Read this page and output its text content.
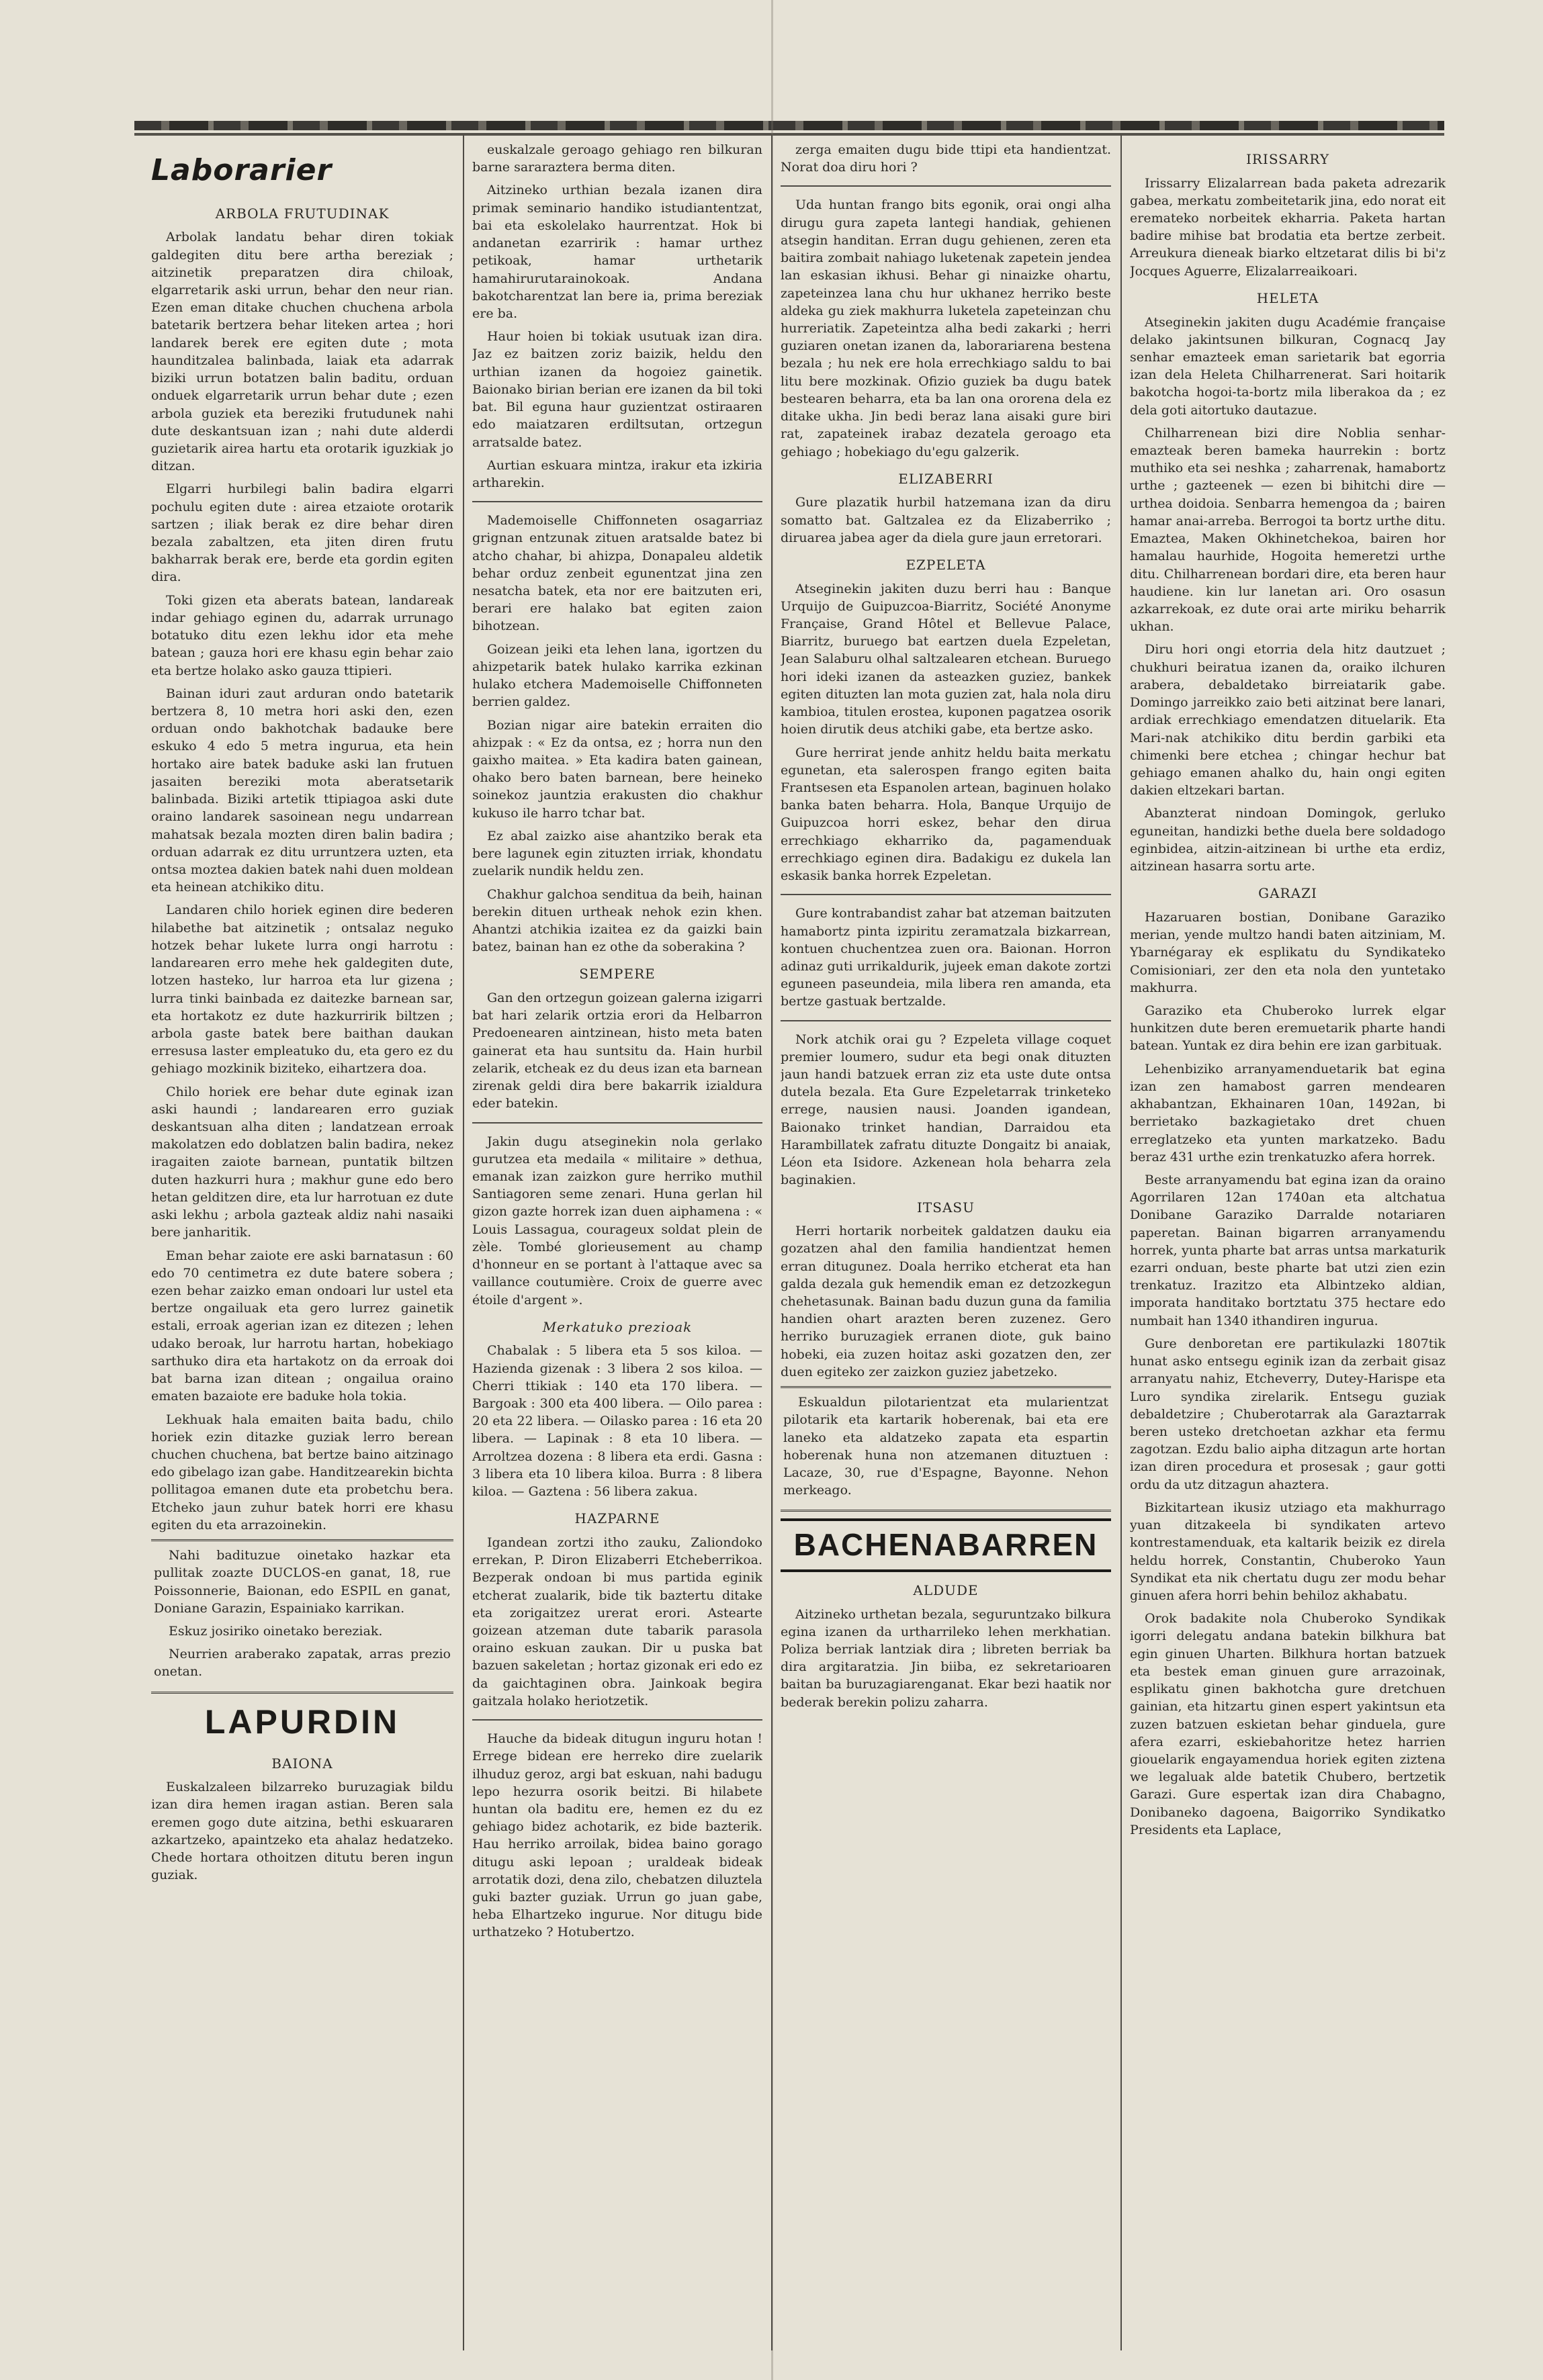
Laborarier
ARBOLA FRUTUDINAK

Arbolak landatu behar diren tokiak galdegiten ditu bere artha bereziak ; aitzinetik preparatzen dira chiloak, elgarretarik aski urrun, behar den neur rian. Ezen eman ditake chuchen chuchena arbola batetarik bertzera behar liteken artea ; hori landarek berek ere egiten dute ; mota haunditzalea balinbada, laiak eta adarrak biziki urrun botatzen balin baditu, orduan onduek elgarretarik urrun behar dute ; ezen arbola guziek eta bereziki frutudunek nahi dute deskantsuan izan ; nahi dute alderdi guzietarik airea hartu eta orotarik iguzkiak jo ditzan.

Elgarri hurbilegi balin badira elgarri pochulu egiten dute : airea etzaiote orotarik sartzen ; iliak berak ez dire behar diren bezala zabaltzen, eta jiten diren frutu bakharrak berak ere, berde eta gordin egiten dira.

Toki gizen eta aberats batean, landareak indar gehiago eginen du, adarrak urrunago botatuko ditu ezen lekhu idor eta mehe batean ; gauza hori ere khasu egin behar zaio eta bertze holako asko gauza ttipieri.

Bainan iduri zaut arduran ondo batetarik bertzera 8, 10 metra hori aski den, ezen orduan ondo bakhotchak badauke bere eskuko 4 edo 5 metra ingurua, eta hein hortako aire batek baduke aski lan frutuen jasaiten bereziki mota aberatsetarik balinbada. Biziki artetik ttipiagoa aski dute oraino landarek sasoinean negu undarrean mahatsak bezala mozten diren balin badira ; orduan adarrak ez ditu urruntzera uzten, eta ontsa moztea dakien batek nahi duen moldean eta heinean atchikiko ditu.

Landaren chilo horiek eginen dire bederen hilabethe bat aitzinetik ; ontsalaz neguko hotzek behar lukete lurra ongi harrotu : landarearen erro mehe hek galdegiten dute, lotzen hasteko, lur harroa eta lur gizena ; lurra tinki bainbada ez daitezke barnean sar, eta hortakotz ez dute hazkurririk biltzen ; arbola gaste batek bere baithan daukan erresusa laster empleatuko du, eta gero ez du gehiago mozkinik biziteko, eihartzera doa.

Chilo horiek ere behar dute eginak izan aski haundi ; landarearen erro guziak deskantsuan alha diten ; landatzean erroak makolatzen edo doblatzen balin badira, nekez iragaiten zaiote barnean, puntatik biltzen duten hazkurri hura ; makhur gune edo bero hetan gelditzen dire, eta lur harrotuan ez dute aski lekhu ; arbola gazteak aldiz nahi nasaiki bere janharitik.

Eman behar zaiote ere aski barnatasun : 60 edo 70 centimetra ez dute batere sobera ; ezen behar zaizko eman ondoari lur ustel eta bertze ongailuak eta gero lurrez gainetik estali, erroak agerian izan ez ditezen ; lehen udako beroak, lur harrotu hartan, hobekiago sarthuko dira eta hartakotz on da erroak doi bat barna izan ditean ; ongailua oraino ematen bazaiote ere baduke hola tokia.

Lekhuak hala emaiten baita badu, chilo horiek ezin ditazke guziak lerro berean chuchen chuchena, bat bertze baino aitzinago edo gibelago izan gabe. Handitzearekin bichta pollitagoa emanen dute eta probetchu bera. Etcheko jaun zuhur batek horri ere khasu egiten du eta arrazoinekin.

Nahi badituzue oinetako hazkar eta pullitak zoazte DUCLOS-en ganat, 18, rue Poissonnerie, Baionan, edo ESPIL en ganat, Doniane Garazin, Espainiako karrikan.

Eskuz josiriko oinetako bereziak.

Neurrien araberako zapatak, arras prezio onetan.

LAPURDIN
BAIONA

Euskalzaleen bilzarreko buruzagiak bildu izan dira hemen iragan astian. Beren sala eremen gogo dute aitzina, bethi eskuararen azkartzeko, apaintzeko eta ahalaz hedatzeko. Chede hortara othoitzen ditutu beren ingun guziak.

euskalzale geroago gehiago ren bilkuran barne sararaztera berma diten.

Aitzineko urthian bezala izanen dira primak seminario handiko istudiantentzat, bai eta eskolelako haurrentzat. Hok bi andanetan ezarririk : hamar urthez petikoak, hamar urthetarik hamahirurutarainokoak. Andana bakotcharentzat lan bere ia, prima bereziak ere ba.

Haur hoien bi tokiak usutuak izan dira. Jaz ez baitzen zoriz baizik, heldu den urthian izanen da hogoiez gainetik. Baionako birian berian ere izanen da bil toki bat. Bil eguna haur guzientzat ostiraaren edo maiatzaren erdiltsutan, ortzegun arratsalde batez.

Aurtian eskuara mintza, irakur eta izkiria artharekin.

Mademoiselle Chiffonneten osagarriaz grignan entzunak zituen aratsalde batez bi atcho chahar, bi ahizpa, Donapaleu aldetik behar orduz zenbeit egunentzat jina zen nesatcha batek, eta nor ere baitzuten eri, berari ere halako bat egiten zaion bihotzean.

Goizean jeiki eta lehen lana, igortzen du ahizpetarik batek hulako karrika ezkinan hulako etchera Mademoiselle Chiffonneten berrien galdez.

Bozian nigar aire batekin erraiten dio ahizpak : « Ez da ontsa, ez ; horra nun den gaixho maitea. » Eta kadira baten gainean, ohako bero baten barnean, bere heineko soinekoz jauntzia erakusten dio chakhur kukuso ile harro tchar bat.

Ez abal zaizko aise ahantziko berak eta bere lagunek egin zituzten irriak, khondatu zuelarik nundik heldu zen.

Chakhur galchoa senditua da beih, hainan berekin dituen urtheak nehok ezin khen. Ahantzi atchikia izaitea ez da gaizki bain batez, bainan han ez othe da soberakina ?

SEMPERE

Gan den ortzegun goizean galerna izigarri bat hari zelarik ortzia erori da Helbarron Predoenearen aintzinean, histo meta baten gainerat eta hau suntsitu da. Hain hurbil zelarik, etcheak ez du deus izan eta barnean zirenak geldi dira bere bakarrik izialdura eder batekin.

Jakin dugu atseginekin nola gerlako gurutzea eta medaila « militaire » dethua, emanak izan zaizkon gure herriko muthil Santiagoren seme zenari. Huna gerlan hil gizon gazte horrek izan duen aiphamena : « Louis Lassagua, courageux soldat plein de zèle. Tombé glorieusement au champ d'honneur en se portant à l'attaque avec sa vaillance coutumière. Croix de guerre avec étoile d'argent ».

Merkatuko prezioak

Chabalak : 5 libera eta 5 sos kiloa. — Hazienda gizenak : 3 libera 2 sos kiloa. — Cherri ttikiak : 140 eta 170 libera. — Bargoak : 300 eta 400 libera. — Oilo parea : 20 eta 22 libera. — Oilasko parea : 16 eta 20 libera. — Lapinak : 8 eta 10 libera. — Arroltzea dozena : 8 libera eta erdi. Gasna : 3 libera eta 10 libera kiloa. Burra : 8 libera kiloa. — Gaztena : 56 libera zakua.

HAZPARNE

Igandean zortzi itho zauku, Zaliondoko errekan, P. Diron Elizaberri Etcheberrikoa. Bezperak ondoan bi mus partida eginik etcherat zualarik, bide tik baztertu ditake eta zorigaitzez urerat erori. Astearte goizean atzeman dute tabarik parasola oraino eskuan zaukan. Dir u puska bat bazuen sakeletan ; hortaz gizonak eri edo ez da gaichtaginen obra. Jainkoak begira gaitzala holako heriotzetik.

Hauche da bideak ditugun inguru hotan ! Errege bidean ere herreko dire zuelarik ilhuduz geroz, argi bat eskuan, nahi badugu lepo hezurra osorik beitzi. Bi hilabete huntan ola baditu ere, hemen ez du ez gehiago bidez achotarik, ez bide bazterik. Hau herriko arroilak, bidea baino gorago ditugu aski lepoan ; uraldeak bideak arrotatik dozi, dena zilo, chebatzen diluztela guki bazter guziak. Urrun go juan gabe, heba Elhartzeko ingurue. Nor ditugu bide urthatzeko ? Hotubertzo.

zerga emaiten dugu bide ttipi eta handientzat. Norat doa diru hori ?

Uda huntan frango bits egonik, orai ongi alha dirugu gura zapeta lantegi handiak, gehienen atsegin handitan. Erran dugu gehienen, zeren eta baitira zombait nahiago luketenak zapetein jendea lan eskasian ikhusi. Behar gi ninaizke ohartu, zapeteinzea lana chu hur ukhanez herriko beste aldeka gu ziek makhurra luketela zapeteinzan chu hurreriatik. Zapeteintza alha bedi zakarki ; herri guziaren onetan izanen da, laborariarena bestena bezala ; hu nek ere hola errechkiago saldu to bai litu bere mozkinak. Ofizio guziek ba dugu batek bestearen beharra, eta ba lan ona ororena dela ez ditake ukha. Jin bedi beraz lana aisaki gure biri rat, zapateinek irabaz dezatela geroago eta gehiago ; hobekiago du'egu galzerik.

ELIZABERRI

Gure plazatik hurbil hatzemana izan da diru somatto bat. Galtzalea ez da Elizaberriko ; diruarea jabea ager da diela gure jaun erretorari.

EZPELETA

Atseginekin jakiten duzu berri hau : Banque Urquijo de Guipuzcoa-Biarritz, Société Anonyme Française, Grand Hôtel et Bellevue Palace, Biarritz, buruego bat eartzen duela Ezpeletan, Jean Salaburu olhal saltzalearen etchean. Buruego hori ideki izanen da asteazken guziez, bankek egiten dituzten lan mota guzien zat, hala nola diru kambioa, titulen erostea, kuponen pagatzea osorik hoien dirutik deus atchiki gabe, eta bertze asko.

Gure herrirat jende anhitz heldu baita merkatu egunetan, eta salerospen frango egiten baita Frantsesen eta Espanolen artean, baginuen holako banka baten beharra. Hola, Banque Urquijo de Guipuzcoa horri eskez, behar den dirua errechkiago ekharriko da, pagamenduak errechkiago eginen dira. Badakigu ez dukela lan eskasik banka horrek Ezpeletan.

Gure kontrabandist zahar bat atzeman baitzuten hamabortz pinta izpiritu zeramatzala bizkarrean, kontuen chuchentzea zuen ora. Baionan. Horron adinaz guti urrikaldurik, jujeek eman dakote zortzi eguneen paseundeia, mila libera ren amanda, eta bertze gastuak bertzalde.

Nork atchik orai gu ? Ezpeleta village coquet premier loumero, sudur eta begi onak dituzten jaun handi batzuek erran ziz eta uste dute ontsa dutela bezala. Eta Gure Ezpeletarrak trinketeko errege, nausien nausi. Joanden igandean, Baionako trinket handian, Darraidou eta Harambillatek zafratu dituzte Dongaitz bi anaiak, Léon eta Isidore. Azkenean hola beharra zela baginakien.

ITSASU

Herri hortarik norbeitek galdatzen dauku eia gozatzen ahal den familia handientzat hemen erran ditugunez. Doala herriko etcherat eta han galda dezala guk hemendik eman ez detzozkegun chehetasunak. Bainan badu duzun guna da familia handien ohart arazten beren zuzenez. Gero herriko buruzagiek erranen diote, guk baino hobeki, eia zuzen hoitaz aski gozatzen den, zer duen egiteko zer zaizkon guziez jabetzeko.

Eskualdun pilotarientzat eta mularientzat pilotarik eta kartarik hoberenak, bai eta ere laneko eta aldatzeko zapata eta espartin hoberenak huna non atzemanen dituztuen : Lacaze, 30, rue d'Espagne, Bayonne. Nehon merkeago.

BACHENABARREN
ALDUDE

Aitzineko urthetan bezala, seguruntzako bilkura egina izanen da urtharrileko lehen merkhatian. Poliza berriak lantziak dira ; libreten berriak ba dira argitaratzia. Jin biiba, ez sekretarioaren baitan ba buruzagiarenganat. Ekar bezi haatik nor bederak berekin polizu zaharra.

IRISSARRY

Irissarry Elizalarrean bada paketa adrezarik gabea, merkatu zombeitetarik jina, edo norat eit eremateko norbeitek ekharria. Paketa hartan badire mihise bat brodatia eta bertze zerbeit. Arreukura dieneak biarko eltzetarat dilis bi bi'z Jocques Aguerre, Elizalarreaikoari.

HELETA

Atseginekin jakiten dugu Académie française delako jakintsunen bilkuran, Cognacq Jay senhar emazteek eman sarietarik bat egorria izan dela Heleta Chilharrenerat. Sari hoitarik bakotcha hogoi-ta-bortz mila liberakoa da ; ez dela goti aitortuko dautazue.

Chilharrenean bizi dire Noblia senhar-emazteak beren bameka haurrekin : bortz muthiko eta sei neshka ; zaharrenak, hamabortz urthe ; gazteenek — ezen bi bihitchi dire — urthea doidoia. Senbarra hemengoa da ; bairen hamar anai-arreba. Berrogoi ta bortz urthe ditu. Emaztea, Maken Okhinetchekoa, bairen hor hamalau haurhide, Hogoita hemeretzi urthe ditu. Chilharrenean bordari dire, eta beren haur haudiene. kin lur lanetan ari. Oro osasun azkarrekoak, ez dute orai arte miriku beharrik ukhan.

Diru hori ongi etorria dela hitz dautzuet ; chukhuri beiratua izanen da, oraiko ilchuren arabera, debaldetako birreiatarik gabe. Domingo jarreikko zaio beti aitzinat bere lanari, ardiak errechkiago emendatzen dituelarik. Eta Mari-nak atchikiko ditu berdin garbiki eta chimenki bere etchea ; chingar hechur bat gehiago emanen ahalko du, hain ongi egiten dakien eltzekari bartan.

Abanzterat nindoan Domingok, gerluko eguneitan, handizki bethe duela bere soldadogo eginbidea, aitzin-aitzinean bi urthe eta erdiz, aitzinean hasarra sortu arte.

GARAZI

Hazaruaren bostian, Donibane Garaziko merian, yende multzo handi baten aitziniam, M. Ybarnégaray ek esplikatu du Syndikateko Comisioniari, zer den eta nola den yuntetako makhurra.

Garaziko eta Chuberoko lurrek elgar hunkitzen dute beren eremuetarik pharte handi batean. Yuntak ez dira behin ere izan garbituak.

Lehenbiziko arranyamenduetarik bat egina izan zen hamabost garren mendearen akhabantzan, Ekhainaren 10an, 1492an, bi berrietako bazkagietako dret chuen erreglatzeko eta yunten markatzeko. Badu beraz 431 urthe ezin trenkatuzko afera horrek.

Beste arranyamendu bat egina izan da oraino Agorrilaren 12an 1740an eta altchatua Donibane Garaziko Darralde notariaren paperetan. Bainan bigarren arranyamendu horrek, yunta pharte bat arras untsa markaturik ezarri onduan, beste pharte bat utzi zien ezin trenkatuz. Irazitzo eta Albintzeko aldian, imporata handitako bortztatu 375 hectare edo numbait han 1340 ithandiren ingurua.

Gure denboretan ere partikulazki 1807tik hunat asko entsegu eginik izan da zerbait gisaz arranyatu nahiz, Etcheverry, Dutey-Harispe eta Luro syndika zirelarik. Entsegu guziak debaldetzire ; Chuberotarrak ala Garaztarrak beren usteko dretchoetan azkhar eta fermu zagotzan. Ezdu balio aipha ditzagun arte hortan izan diren procedura et prosesak ; gaur gotti ordu da utz ditzagun ahaztera.

Bizkitartean ikusiz utziago eta makhurrago yuan ditzakeela bi syndikaten artevo kontrestamenduak, eta kaltarik beizik ez direla heldu horrek, Constantin, Chuberoko Yaun Syndikat eta nik chertatu dugu zer modu behar ginuen afera horri behin behiloz akhabatu.

Orok badakite nola Chuberoko Syndikak igorri delegatu andana batekin bilkhura bat egin ginuen Uharten. Bilkhura hortan batzuek eta bestek eman ginuen gure arrazoinak, esplikatu ginen bakhotcha gure dretchuen gainian, eta hitzartu ginen espert yakintsun eta zuzen batzuen eskietan behar ginduela, gure afera ezarri, eskiebahoritze hetez harrien giouelarik engayamendua horiek egiten ziztena we legaluak alde batetik Chubero, bertzetik Garazi. Gure espertak izan dira Chabagno, Donibaneko dagoena, Baigorriko Syndikatko Presidents eta Laplace,
